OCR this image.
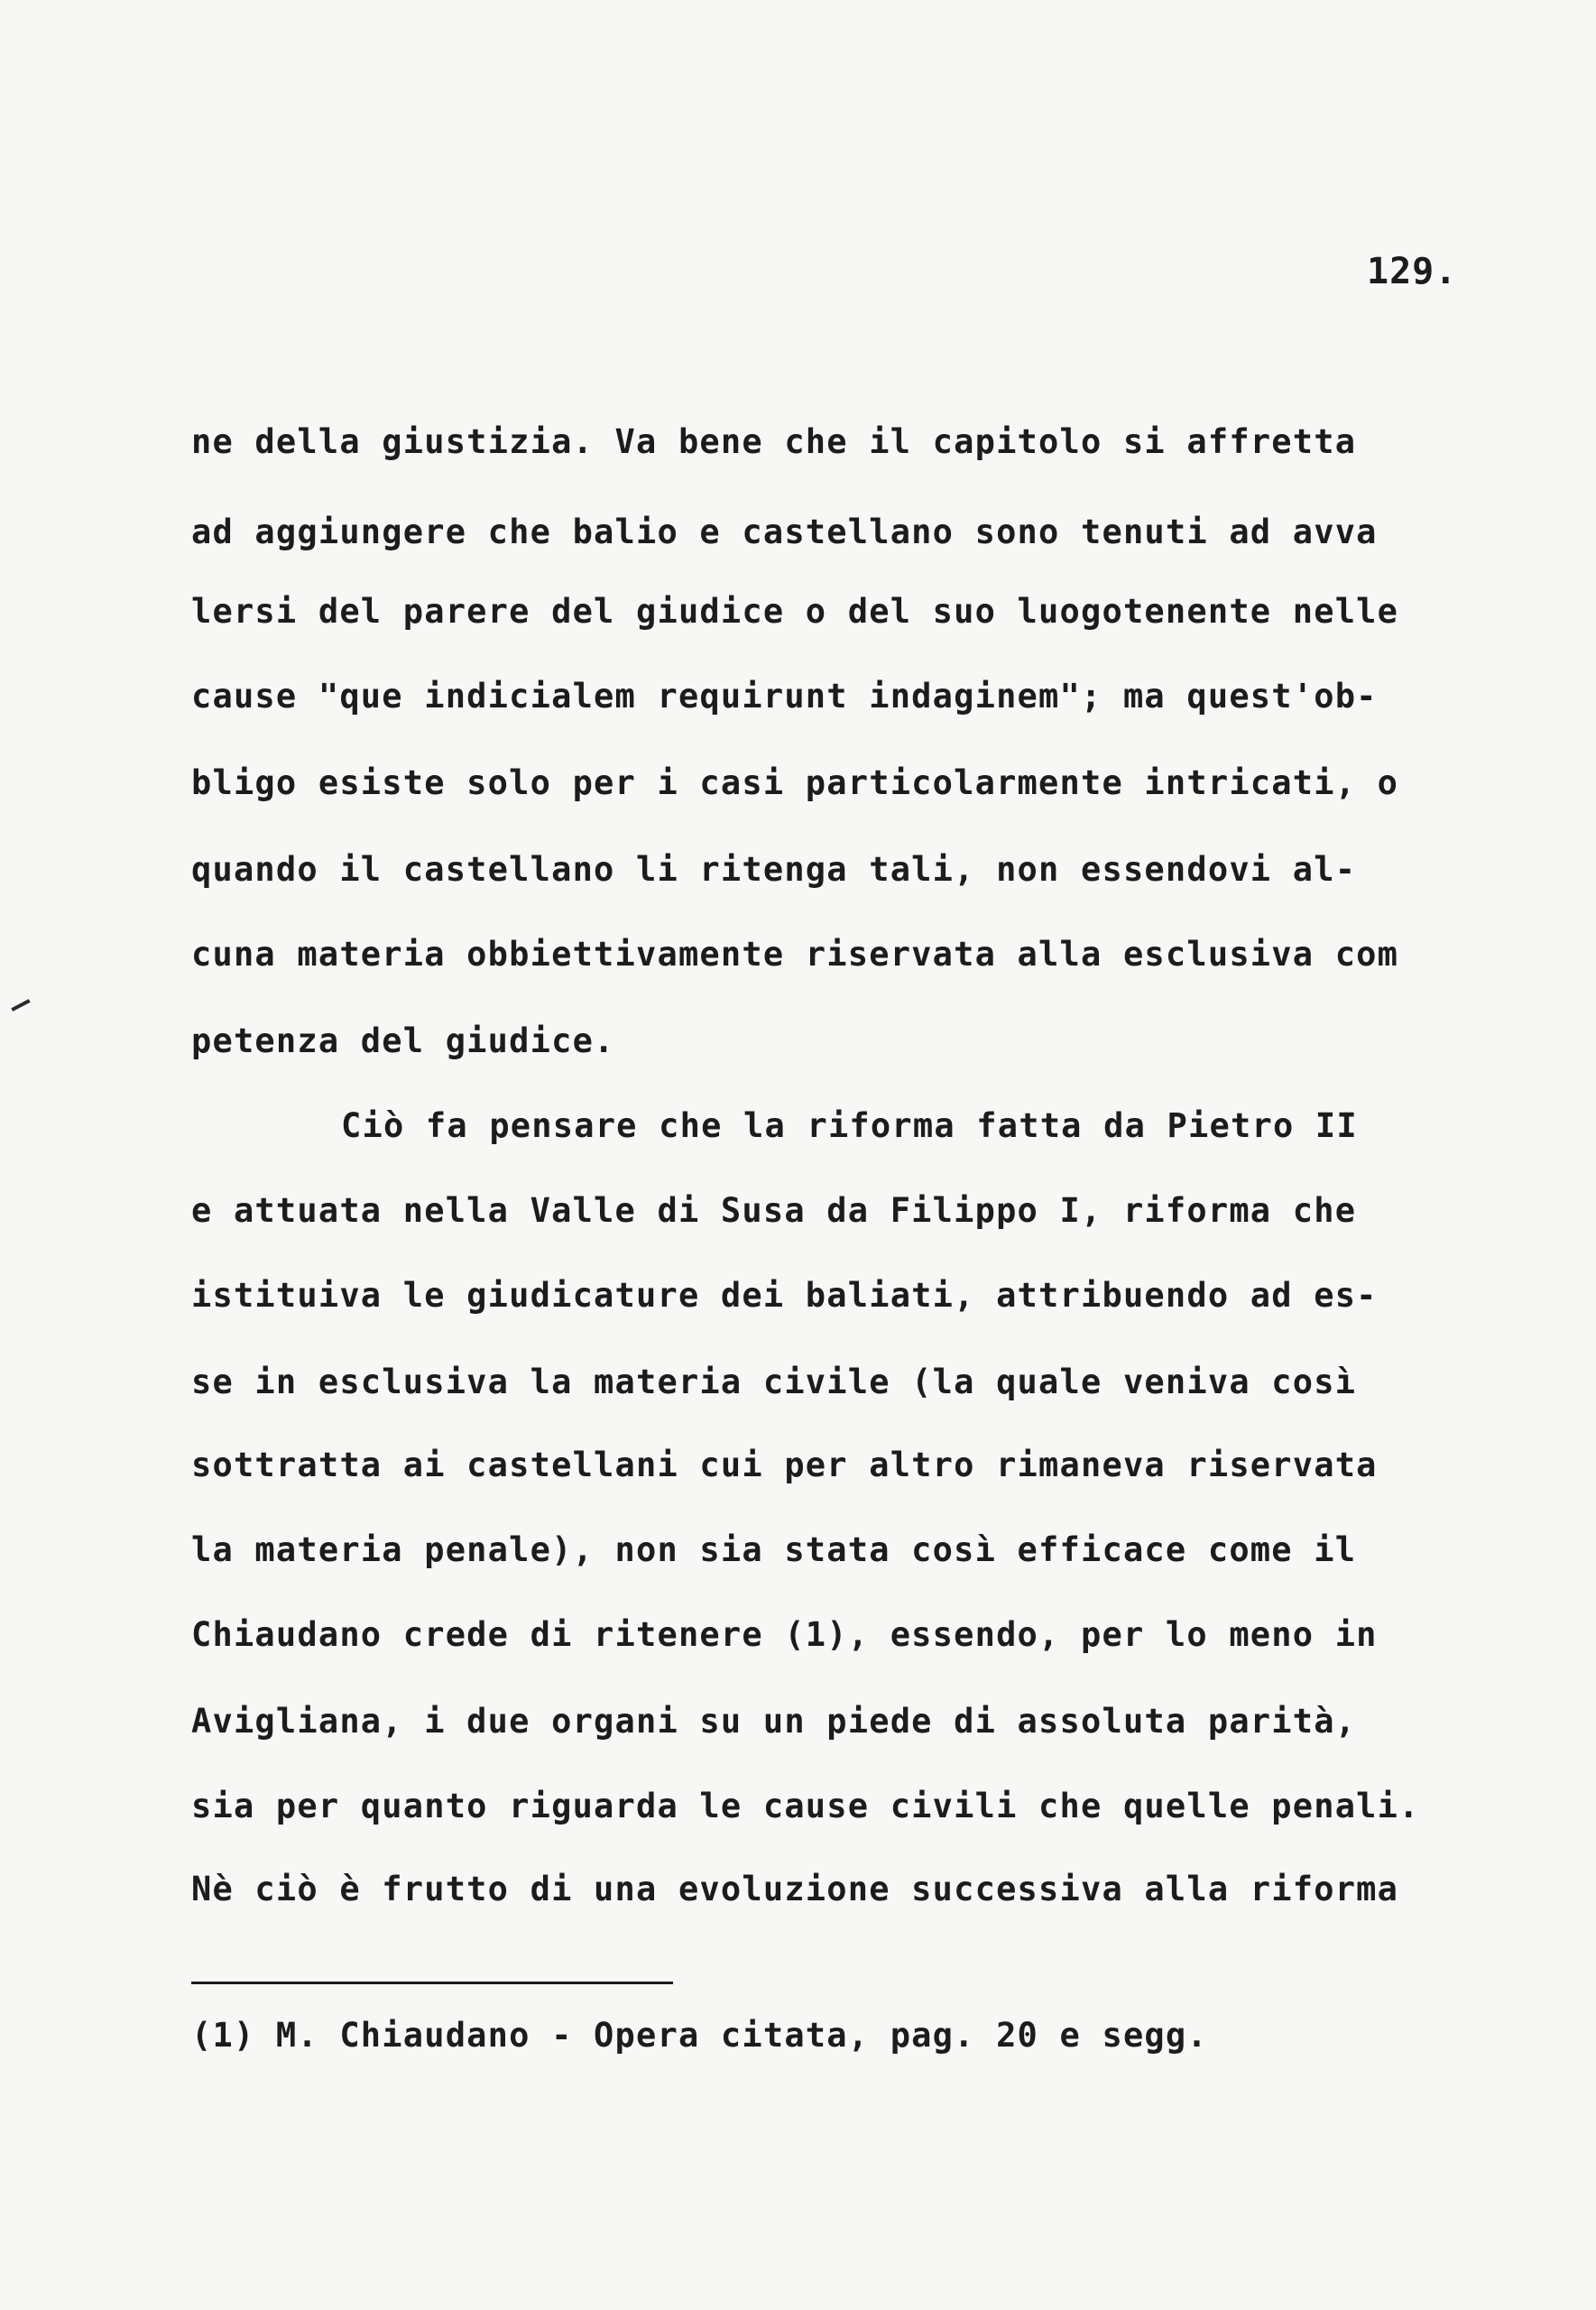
129.
ne della giustizia. Va bene che il capitolo si affretta
ad aggiungere che balio e castellano sono tenuti ad avva
lersi del parere del giudice o del suo luogotenente nelle
cause "que indicialem requirunt indaginem"; ma quest'ob-
bligo esiste solo per i casi particolarmente intricati, o
quando il castellano li ritenga tali, non essendovi al-
cuna materia obbiettivamente riservata alla esclusiva com
petenza del giudice.
Ciò fa pensare che la riforma fatta da Pietro II
e attuata nella Valle di Susa da Filippo I, riforma che
istituiva le giudicature dei baliati, attribuendo ad es-
se in esclusiva la materia civile (la quale veniva così
sottratta ai castellani cui per altro rimaneva riservata
la materia penale), non sia stata così efficace come il
Chiaudano crede di ritenere (1), essendo, per lo meno in
Avigliana, i due organi su un piede di assoluta parità,
sia per quanto riguarda le cause civili che quelle penali.
Nè ciò è frutto di una evoluzione successiva alla riforma
(1) M. Chiaudano - Opera citata, pag. 20 e segg.
